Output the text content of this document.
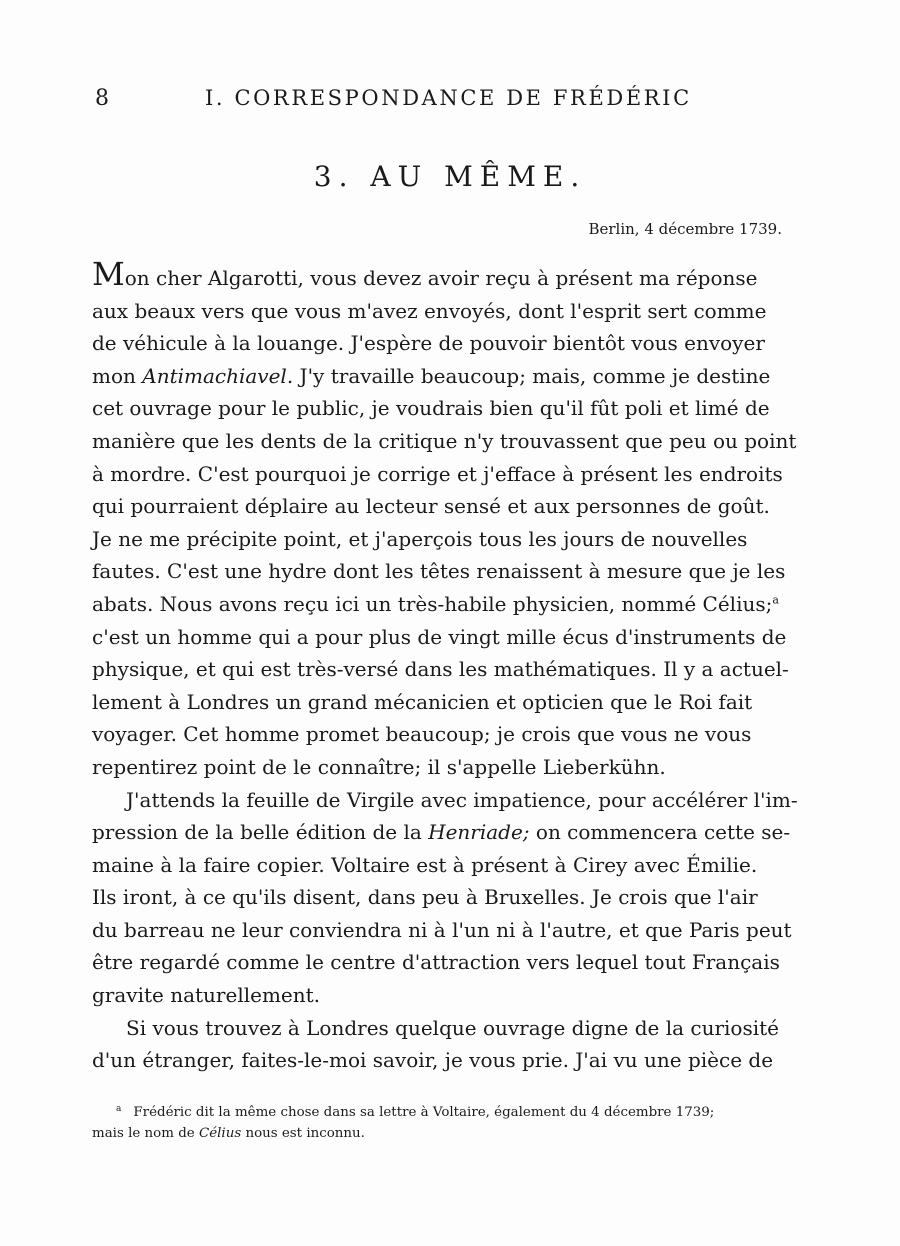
8	I. CORRESPONDANCE DE FRÉDÉRIC
3. AU MÊME.
Berlin, 4 décembre 1739.
Mon cher Algarotti, vous devez avoir reçu à présent ma réponse
aux beaux vers que vous m'avez envoyés, dont l'esprit sert comme
de véhicule à la louange. J'espère de pouvoir bientôt vous envoyer
mon Antimachiavel. J'y travaille beaucoup; mais, comme je destine
cet ouvrage pour le public, je voudrais bien qu'il fût poli et limé de
manière que les dents de la critique n'y trouvassent que peu ou point
à mordre. C'est pourquoi je corrige et j'efface à présent les endroits
qui pourraient déplaire au lecteur sensé et aux personnes de goût.
Je ne me précipite point, et j'aperçois tous les jours de nouvelles
fautes. C'est une hydre dont les têtes renaissent à mesure que je les
abats. Nous avons reçu ici un très-habile physicien, nommé Célius;$^a$
c'est un homme qui a pour plus de vingt mille écus d'instruments de
physique, et qui est très-versé dans les mathématiques. Il y a actuel-
lement à Londres un grand mécanicien et opticien que le Roi fait
voyager. Cet homme promet beaucoup; je crois que vous ne vous
repentirez point de le connaître; il s'appelle Lieberkühn.
J'attends la feuille de Virgile avec impatience, pour accélérer l'im-
pression de la belle édition de la Henriade; on commencera cette se-
maine à la faire copier. Voltaire est à présent à Cirey avec Émilie.
Ils iront, à ce qu'ils disent, dans peu à Bruxelles. Je crois que l'air
du barreau ne leur conviendra ni à l'un ni à l'autre, et que Paris peut
être regardé comme le centre d'attraction vers lequel tout Français
gravite naturellement.
Si vous trouvez à Londres quelque ouvrage digne de la curiosité
d'un étranger, faites-le-moi savoir, je vous prie. J'ai vu une pièce de
$^a$ Frédéric dit la même chose dans sa lettre à Voltaire, également du 4 décembre 1739;
mais le nom de Célius nous est inconnu.
